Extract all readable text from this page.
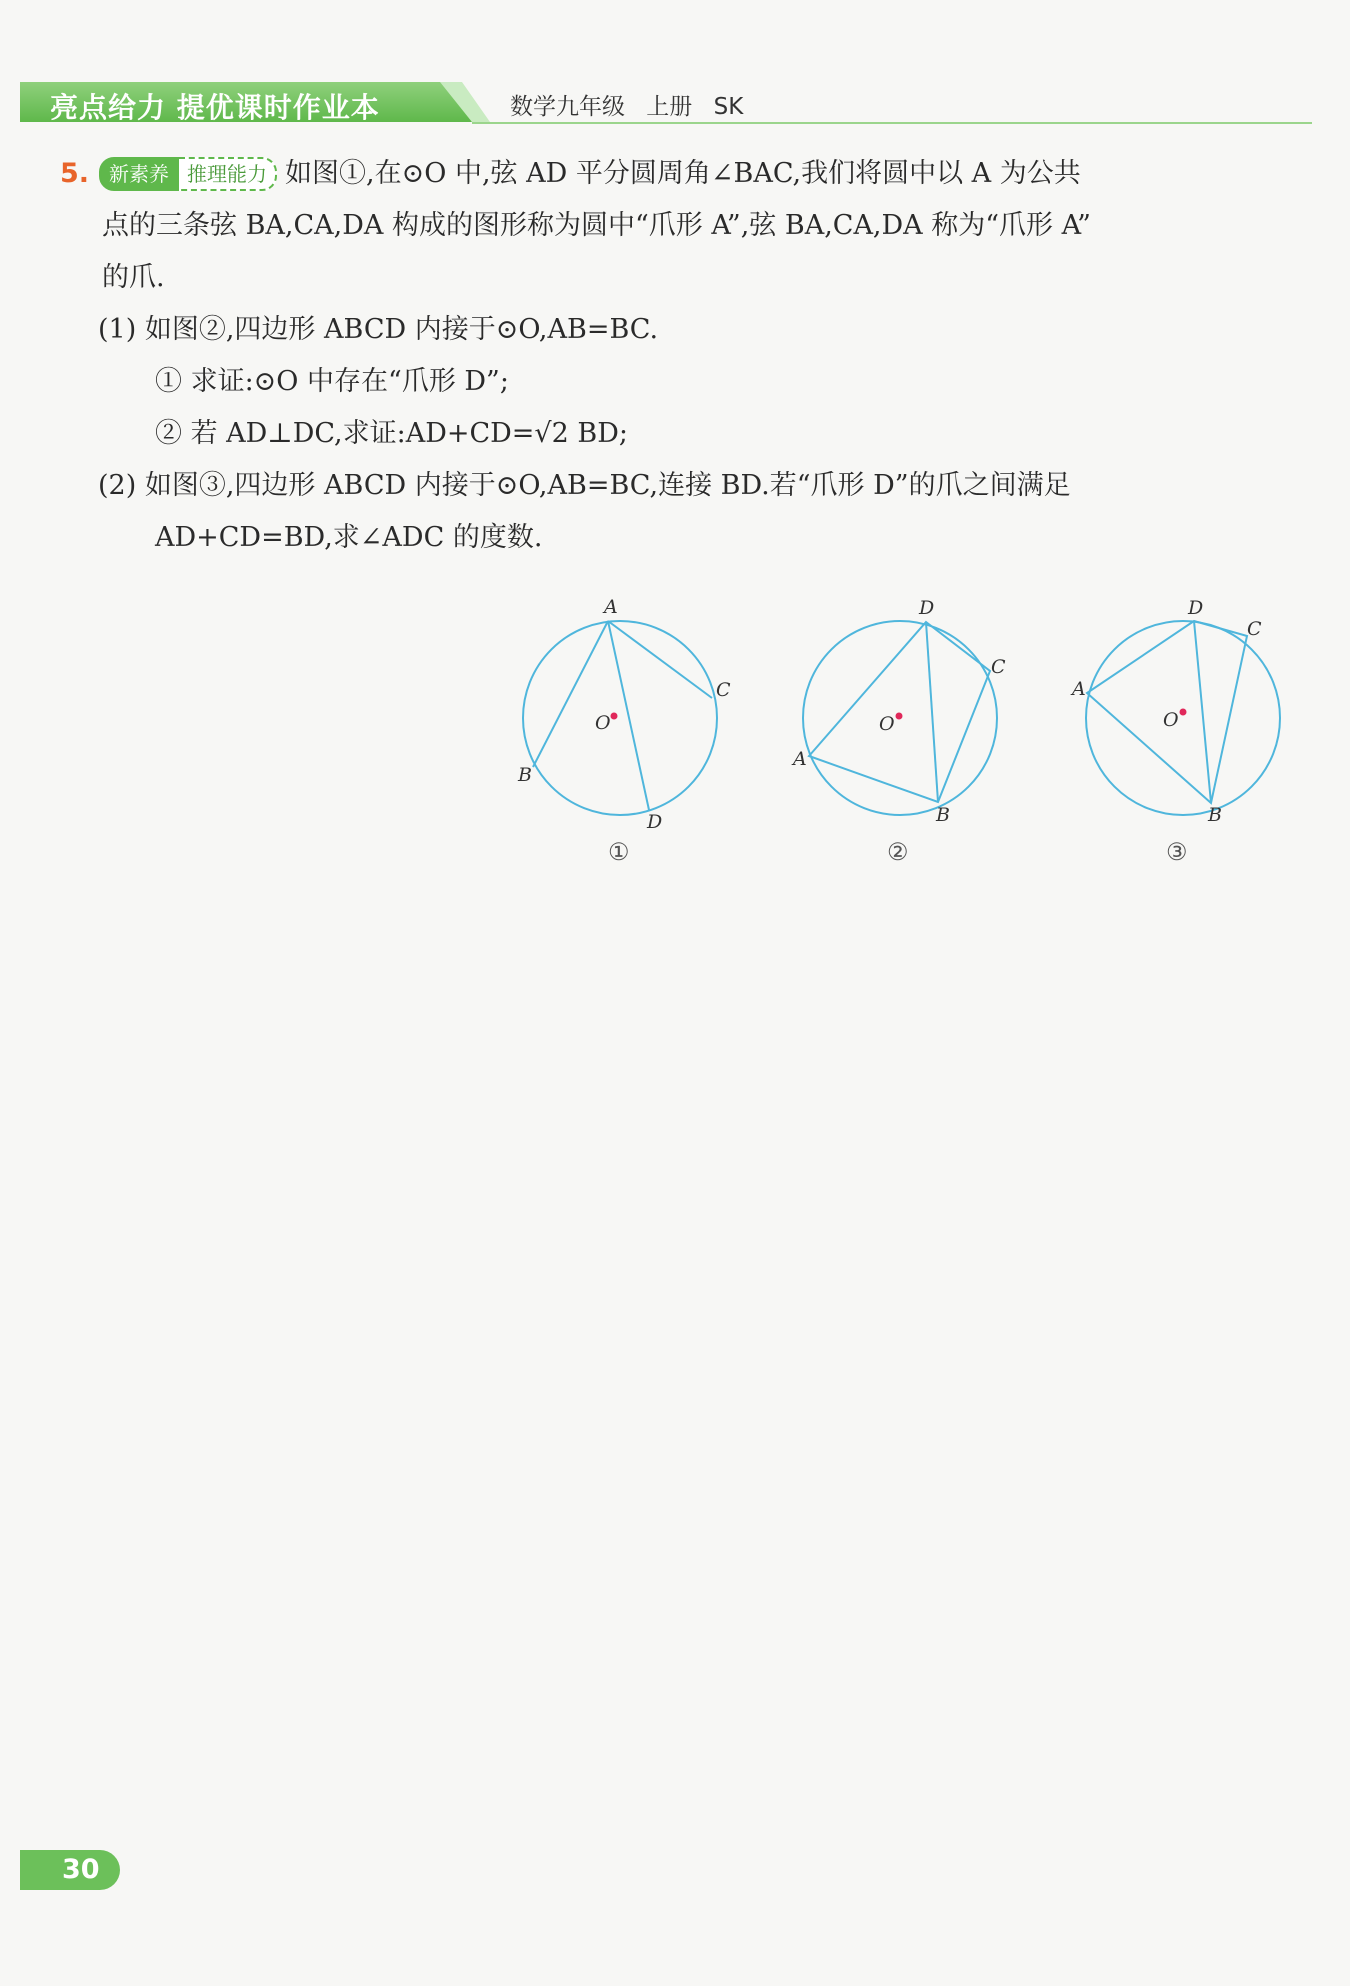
亮点给力 提优课时作业本	数学九年级 上册 SK
5. 新素养 推理能力 如图①,在⊙O 中,弦 AD 平分圆周角∠BAC,我们将圆中以 A 为公共
点的三条弦 BA,CA,DA 构成的图形称为圆中“爪形 A”,弦 BA,CA,DA 称为“爪形 A”
的爪.
(1) 如图②,四边形 ABCD 内接于⊙O,AB=BC.
① 求证:⊙O 中存在“爪形 D”;
② 若 AD⊥DC,求证:AD+CD=√2 BD;
(2) 如图③,四边形 ABCD 内接于⊙O,AB=BC,连接 BD.若“爪形 D”的爪之间满足
AD+CD=BD,求∠ADC 的度数.
A
B
C
D
O
①
D
C
B
A
O
②
D
C
B
A
O
③
30
